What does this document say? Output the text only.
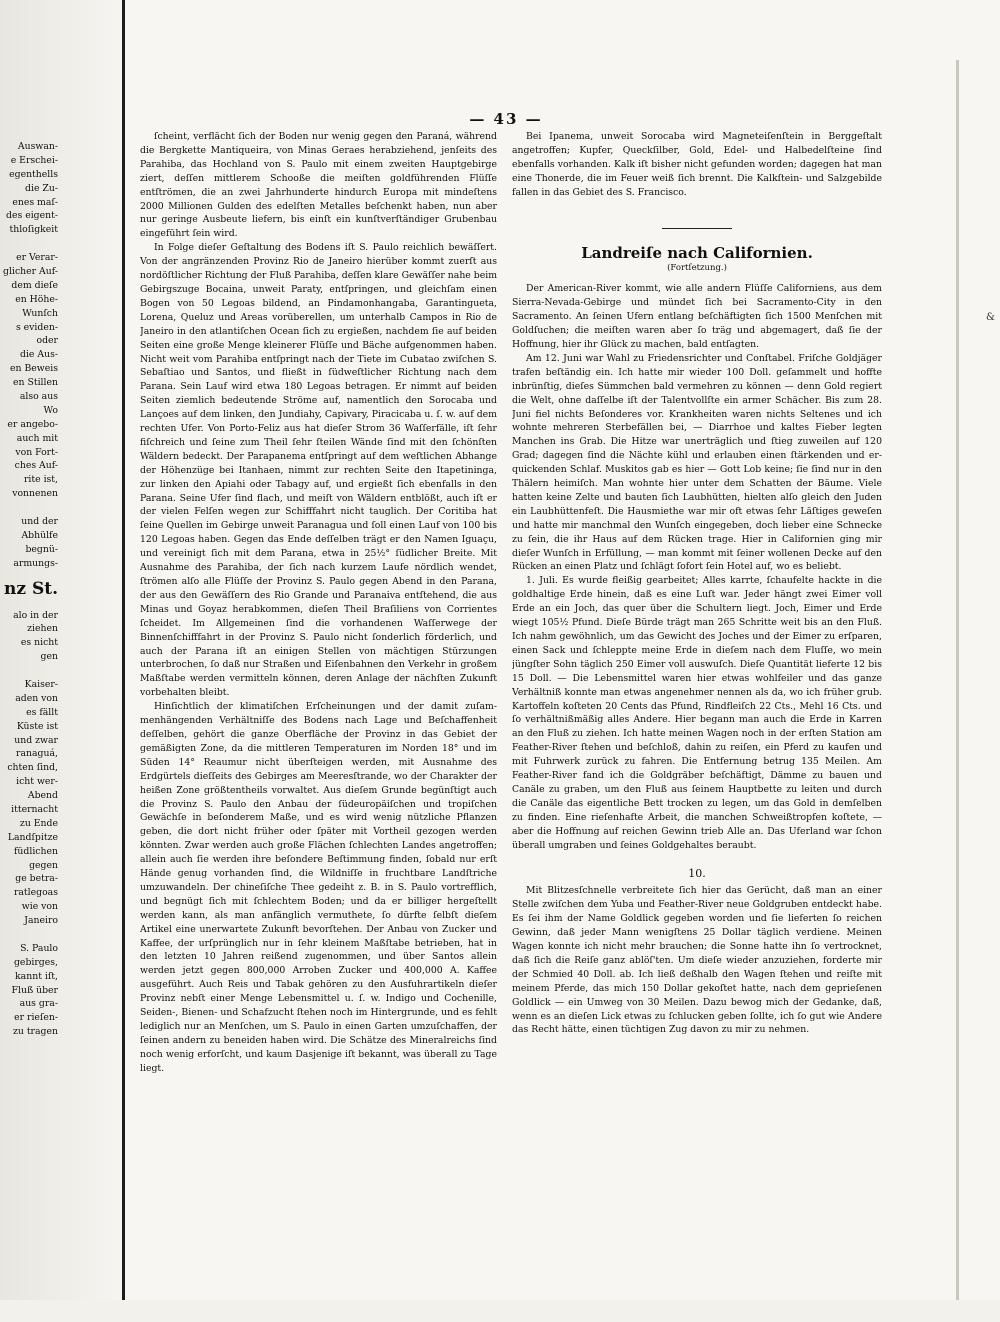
Auswan-
e Erschei-
egenthells
die Zu-
enes maſ-
des eigent-
thloſigkeit
er Verar-
glicher Auf-
dem dieſe
en Höhe-
Wunſch
s eviden-
oder
die Aus-
en Beweis
en Stillen
also aus
Wo
er angebo-
auch mit
von Fort-
ches Auf-
rite ist,
vonnenen
und der
Abhülfe
begnü-
armungs-
nz St.
alo in der
ziehen
es nicht
gen
Kaiser-
aden von
es fällt
Küste ist
und zwar
ranaguá,
chten ſind,
icht wer-
Abend
itternacht
zu Ende
Landſpitze
füdlichen
gegen
ge betra-
ratlegoas
wie von
Janeiro
S. Paulo
gebirges,
kannt iſt,
Fluß über
aus gra-
er rieſen-
zu tragen
— 43 —
&

ſcheint, verflächt ſich der Boden nur wenig gegen den Paraná, während die Bergkette Mantiqueira, von Minas Geraes herabziehend, jenſeits des Parahiba, das Hochland von S. Paulo mit einem zweiten Hauptgebirge ziert, deſſen mittlerem Schooße die meiſten goldführenden Flüſſe entſtrömen, die an zwei Jahrhunderte hindurch Europa mit mindeſtens 2000 Millionen Gulden des edelſten Metalles beſchenkt haben, nun aber nur geringe Ausbeute liefern, bis einſt ein kunſtverſtändiger Grubenbau eingeführt ſein wird.

In Folge dieſer Geſtaltung des Bodens iſt S. Paulo reichlich bewäſſert. Von der angränzenden Provinz Rio de Janeiro hierüber kommt zuerſt aus nordöſtlicher Richtung der Fluß Parahiba, deſſen klare Gewäſſer nahe beim Gebirgszuge Bocaina, unweit Paraty, entſpringen, und gleichſam einen Bogen von 50 Legoas bildend, an Pindamonhangaba, Garantingueta, Lorena, Queluz und Areas vorüberellen, um unterhalb Campos in Rio de Janeiro in den atlantiſchen Ocean ſich zu ergießen, nachdem ſie auf beiden Seiten eine große Menge kleinerer Flüſſe und Bäche aufgenommen haben. Nicht weit vom Parahiba entſpringt nach der Tiete im Cubatao zwiſchen S. Sebaſtiao und Santos, und fließt in ſüdweſtlicher Richtung nach dem Parana. Sein Lauf wird etwa 180 Legoas betragen. Er nimmt auf beiden Seiten ziemlich bedeutende Ströme auf, namentlich den Sorocaba und Lançoes auf dem linken, den Jundiahy, Capivary, Piracicaba u. ſ. w. auf dem rechten Ufer. Von Porto-Feliz aus hat dieſer Strom 36 Waſſerfälle, iſt ſehr fiſchreich und ſeine zum Theil ſehr ſteilen Wände ſind mit den ſchönſten Wäldern bedeckt. Der Parapanema entſpringt auf dem weſtlichen Abhange der Höhenzüge bei Itanhaen, nimmt zur rechten Seite den Itapetininga, zur linken den Apiahi oder Tabagy auf, und ergießt ſich ebenfalls in den Parana. Seine Ufer ſind flach, und meiſt von Wäldern entblößt, auch iſt er der vielen Felſen wegen zur Schifffahrt nicht tauglich. Der Coritiba hat ſeine Quellen im Gebirge unweit Paranagua und ſoll einen Lauf von 100 bis 120 Legoas haben. Gegen das Ende deſſelben trägt er den Namen Iguaçu, und vereinigt ſich mit dem Parana, etwa in 25½° ſüdlicher Breite. Mit Ausnahme des Parahiba, der ſich nach kurzem Laufe nördlich wendet, ſtrömen alſo alle Flüſſe der Provinz S. Paulo gegen Abend in den Parana, der aus den Gewäſſern des Rio Grande und Paranaiva entſtehend, die aus Minas und Goyaz herabkommen, dieſen Theil Braſiliens von Corrientes ſcheidet. Im Allgemeinen ſind die vorhandenen Waſſerwege der Binnenſchifffahrt in der Provinz S. Paulo nicht ſonderlich förderlich, und auch der Parana iſt an einigen Stellen von mächtigen Stürzungen unterbrochen, ſo daß nur Straßen und Eiſenbahnen den Verkehr in großem Maßſtabe werden vermitteln können, deren Anlage der nächſten Zukunft vorbehalten bleibt.

Hinſichtlich der klimatiſchen Erſcheinungen und der damit zuſammenhängenden Verhältniſſe des Bodens nach Lage und Beſchaffenheit deſſelben, gehört die ganze Oberfläche der Provinz in das Gebiet der gemäßigten Zone, da die mittleren Temperaturen im Norden 18° und im Süden 14° Reaumur nicht überſteigen werden, mit Ausnahme des Erdgürtels dieſſeits des Gebirges am Meeresſtrande, wo der Charakter der heißen Zone größtentheils vorwaltet. Aus dieſem Grunde begünſtigt auch die Provinz S. Paulo den Anbau der ſüdeuropäiſchen und tropiſchen Gewächſe in beſonderem Maße, und es wird wenig nützliche Pflanzen geben, die dort nicht früher oder ſpäter mit Vortheil gezogen werden könnten. Zwar werden auch große Flächen ſchlechten Landes angetroffen; allein auch ſie werden ihre beſondere Beſtimmung finden, ſobald nur erſt Hände genug vorhanden ſind, die Wildniſſe in fruchtbare Landſtriche umzuwandeln. Der chineſiſche Thee gedeiht z. B. in S. Paulo vortrefflich, und begnügt ſich mit ſchlechtem Boden; und da er billiger hergeſtellt werden kann, als man anfänglich vermuthete, ſo dürfte ſelbſt dieſem Artikel eine unerwartete Zukunft bevorſtehen. Der Anbau von Zucker und Kaffee, der urſprünglich nur in ſehr kleinem Maßſtabe betrieben, hat in den letzten 10 Jahren reißend zugenommen, und über Santos allein werden jetzt gegen 800,000 Arroben Zucker und 400,000 A. Kaffee ausgeführt. Auch Reis und Tabak gehören zu den Ausfuhrartikeln dieſer Provinz nebſt einer Menge Lebensmittel u. ſ. w. Indigo und Cochenille, Seiden-, Bienen- und Schafzucht ſtehen noch im Hintergrunde, und es fehlt lediglich nur an Menſchen, um S. Paulo in einen Garten umzuſchaffen, der ſeinen andern zu beneiden haben wird. Die Schätze des Mineralreichs ſind noch wenig erforſcht, und kaum Dasjenige iſt bekannt, was überall zu Tage liegt.

Bei Ipanema, unweit Sorocaba wird Magneteiſenſtein in Berggeſtalt angetroffen; Kupfer, Queckſilber, Gold, Edel- und Halbedelſteine ſind ebenfalls vorhanden. Kalk iſt bisher nicht gefunden worden; dagegen hat man eine Thonerde, die im Feuer weiß ſich brennt. Die Kalkſtein- und Salzgebilde fallen in das Gebiet des S. Francisco.

Landreiſe nach Californien.
(Fortſetzung.)

Der American-River kommt, wie alle andern Flüſſe Californiens, aus dem Sierra-Nevada-Gebirge und mündet ſich bei Sacramento-City in den Sacramento. An ſeinen Ufern entlang beſchäftigten ſich 1500 Menſchen mit Goldſuchen; die meiſten waren aber ſo träg und abgemagert, daß ſie der Hoffnung, hier ihr Glück zu machen, bald entſagten.

Am 12. Juni war Wahl zu Friedensrichter und Conſtabel. Friſche Goldjäger trafen beſtändig ein. Ich hatte mir wieder 100 Doll. geſammelt und hoffte inbrünſtig, dieſes Sümmchen bald vermehren zu können — denn Gold regiert die Welt, ohne daſſelbe iſt der Talentvollſte ein armer Schächer. Bis zum 28. Juni fiel nichts Beſonderes vor. Krankheiten waren nichts Seltenes und ich wohnte mehreren Sterbefällen bei, — Diarrhoe und kaltes Fieber legten Manchen ins Grab. Die Hitze war unerträglich und ſtieg zuweilen auf 120 Grad; dagegen ſind die Nächte kühl und erlauben einen ſtärkenden und erquickenden Schlaf. Muskitos gab es hier — Gott Lob keine; ſie ſind nur in den Thälern heimiſch. Man wohnte hier unter dem Schatten der Bäume. Viele hatten keine Zelte und bauten ſich Laubhütten, hielten alſo gleich den Juden ein Laubhüttenfeſt. Die Hausmiethe war mir oft etwas ſehr Läſtiges geweſen und hatte mir manchmal den Wunſch eingegeben, doch lieber eine Schnecke zu ſein, die ihr Haus auf dem Rücken trage. Hier in Californien ging mir dieſer Wunſch in Erfüllung, — man kommt mit ſeiner wollenen Decke auf den Rücken an einen Platz und ſchlägt ſofort ſein Hotel auf, wo es beliebt.

1. Juli. Es wurde fleißig gearbeitet; Alles karrte, ſchaufelte hackte in die goldhaltige Erde hinein, daß es eine Luſt war. Jeder hängt zwei Eimer voll Erde an ein Joch, das quer über die Schultern liegt. Joch, Eimer und Erde wiegt 105½ Pfund. Dieſe Bürde trägt man 265 Schritte weit bis an den Fluß. Ich nahm gewöhnlich, um das Gewicht des Joches und der Eimer zu erſparen, einen Sack und ſchleppte meine Erde in dieſem nach dem Fluſſe, wo mein jüngſter Sohn täglich 250 Eimer voll auswuſch. Dieſe Quantität lieferte 12 bis 15 Doll. — Die Lebensmittel waren hier etwas wohlfeiler und das ganze Verhältniß konnte man etwas angenehmer nennen als da, wo ich früher grub. Kartoffeln koſteten 20 Cents das Pfund, Rindfleiſch 22 Cts., Mehl 16 Cts. und ſo verhältnißmäßig alles Andere. Hier begann man auch die Erde in Karren an den Fluß zu ziehen. Ich hatte meinen Wagen noch in der erſten Station am Feather-River ſtehen und beſchloß, dahin zu reiſen, ein Pferd zu kaufen und mit Fuhrwerk zurück zu fahren. Die Entfernung betrug 135 Meilen. Am Feather-River fand ich die Goldgräber beſchäftigt, Dämme zu bauen und Canäle zu graben, um den Fluß aus ſeinem Hauptbette zu leiten und durch die Canäle das eigentliche Bett trocken zu legen, um das Gold in demſelben zu finden. Eine rieſenhafte Arbeit, die manchen Schweißtropfen koſtete, — aber die Hoffnung auf reichen Gewinn trieb Alle an. Das Uferland war ſchon überall umgraben und ſeines Goldgehaltes beraubt.

10.

Mit Blitzesſchnelle verbreitete ſich hier das Gerücht, daß man an einer Stelle zwiſchen dem Yuba und Feather-River neue Goldgruben entdeckt habe. Es ſei ihm der Name Goldlick gegeben worden und ſie lieferten ſo reichen Gewinn, daß jeder Mann wenigſtens 25 Dollar täglich verdiene. Meinen Wagen konnte ich nicht mehr brauchen; die Sonne hatte ihn ſo vertrocknet, daß ſich die Reiſe ganz ablöſ'ten. Um dieſe wieder anzuziehen, forderte mir der Schmied 40 Doll. ab. Ich ließ deßhalb den Wagen ſtehen und reiſte mit meinem Pferde, das mich 150 Dollar gekoſtet hatte, nach dem geprieſenen Goldlick — ein Umweg von 30 Meilen. Dazu bewog mich der Gedanke, daß, wenn es an dieſen Lick etwas zu ſchlucken geben ſollte, ich ſo gut wie Andere das Recht hätte, einen tüchtigen Zug davon zu mir zu nehmen.
